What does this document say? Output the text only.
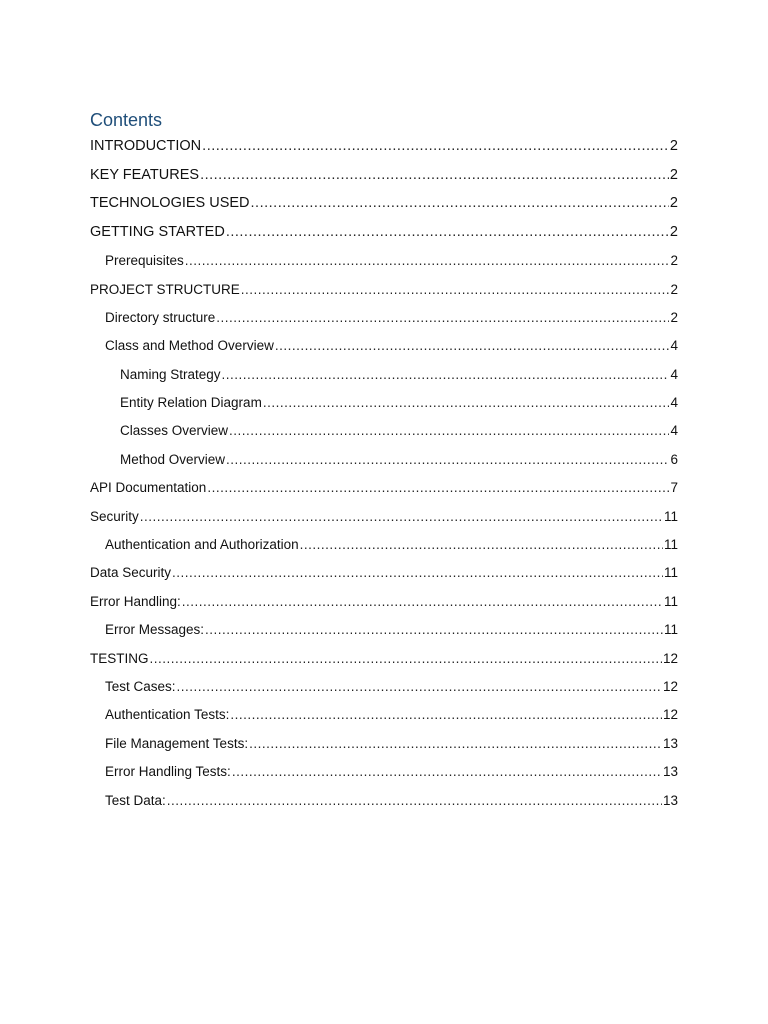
Contents
INTRODUCTION .....	2
KEY FEATURES .....	2
TECHNOLOGIES USED .....	2
GETTING STARTED .....	2
Prerequisites .....	2
PROJECT STRUCTURE .....	2
Directory structure .....	2
Class and Method Overview .....	4
Naming Strategy .....	4
Entity Relation Diagram .....	4
Classes Overview .....	4
Method Overview .....	6
API Documentation .....	7
Security .....	11
Authentication and Authorization .....	11
Data Security .....	11
Error Handling: .....	11
Error Messages: .....	11
TESTING .....	12
Test Cases: .....	12
Authentication Tests: .....	12
File Management Tests: .....	13
Error Handling Tests: .....	13
Test Data: .....	13
